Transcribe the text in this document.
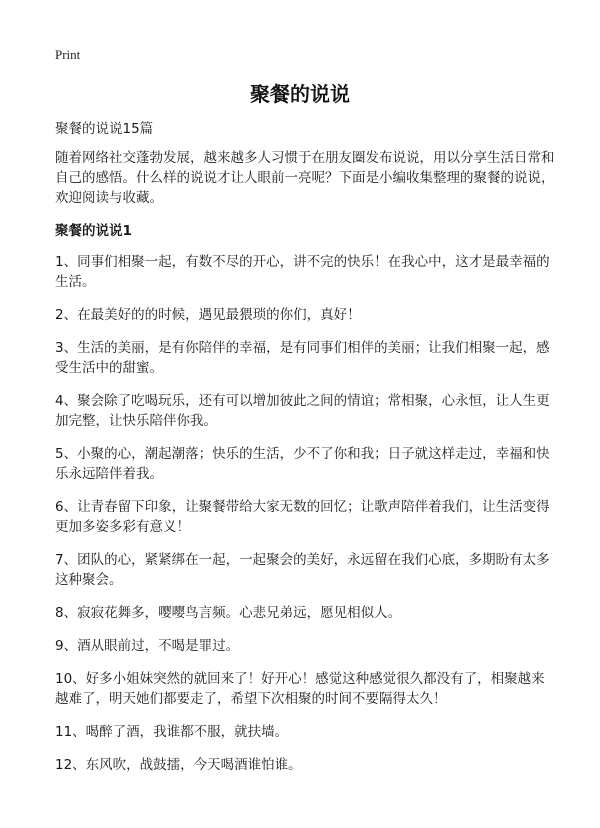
Print
聚餐的说说

聚餐的说说15篇

随着网络社交蓬勃发展，越来越多人习惯于在朋友圈发布说说，用以分享生活日常和自己的感悟。什么样的说说才让人眼前一亮呢？下面是小编收集整理的聚餐的说说，欢迎阅读与收藏。

聚餐的说说1

1、同事们相聚一起，有数不尽的开心，讲不完的快乐！在我心中，这才是最幸福的生活。

2、在最美好的的时候，遇见最猥琐的你们，真好！

3、生活的美丽，是有你陪伴的幸福，是有同事们相伴的美丽；让我们相聚一起，感受生活中的甜蜜。

4、聚会除了吃喝玩乐，还有可以增加彼此之间的情谊；常相聚，心永恒，让人生更加完整，让快乐陪伴你我。

5、小聚的心，潮起潮落；快乐的生活，少不了你和我；日子就这样走过，幸福和快乐永远陪伴着我。

6、让青春留下印象，让聚餐带给大家无数的回忆；让歌声陪伴着我们，让生活变得更加多姿多彩有意义！

7、团队的心，紧紧绑在一起，一起聚会的美好，永远留在我们心底，多期盼有太多这种聚会。

8、寂寂花舞多，嘤嘤鸟言频。心悲兄弟远，愿见相似人。

9、酒从眼前过，不喝是罪过。

10、好多小姐妹突然的就回来了！好开心！感觉这种感觉很久都没有了，相聚越来越难了，明天她们都要走了，希望下次相聚的时间不要隔得太久！

11、喝醉了酒，我谁都不服，就扶墙。

12、东风吹，战鼓擂，今天喝酒谁怕谁。
